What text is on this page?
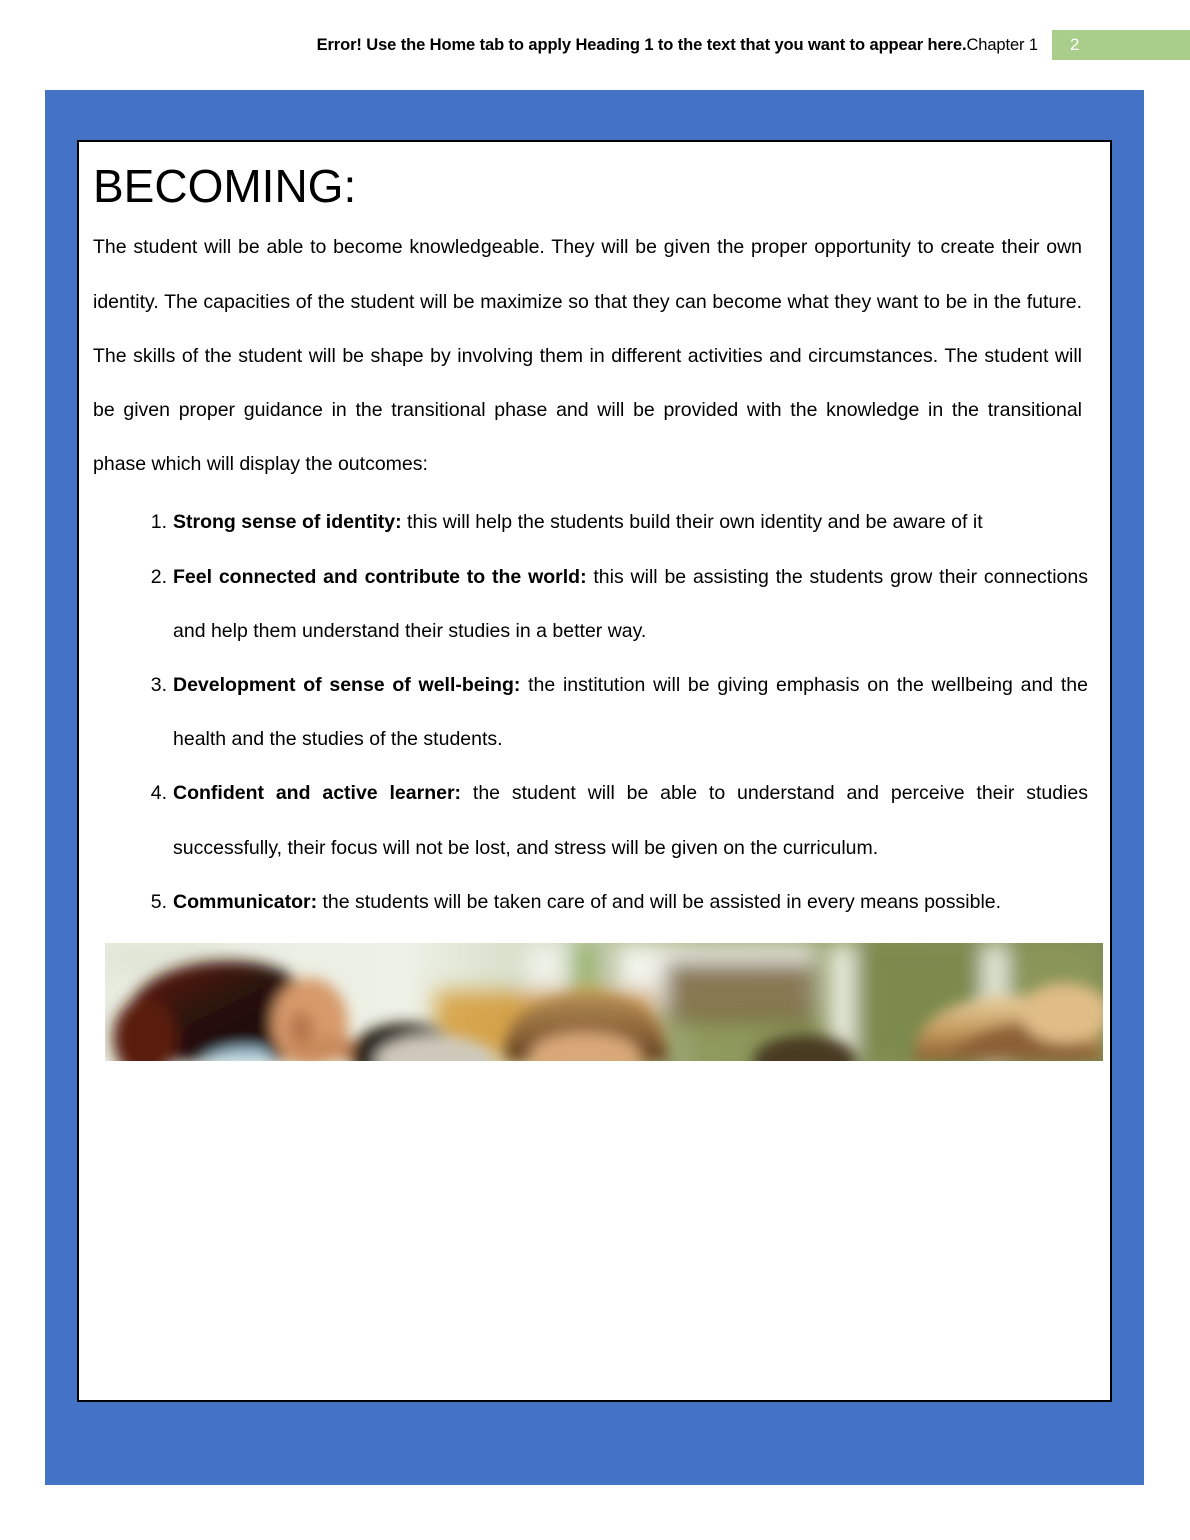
Error! Use the Home tab to apply Heading 1 to the text that you want to appear here.Chapter 1 2
BECOMING:

The student will be able to become knowledgeable. They will be given the proper opportunity to create their own identity. The capacities of the student will be maximize so that they can become what they want to be in the future. The skills of the student will be shape by involving them in different activities and circumstances. The student will be given proper guidance in the transitional phase and will be provided with the knowledge in the transitional phase which will display the outcomes:

1. Strong sense of identity: this will help the students build their own identity and be aware of it
2. Feel connected and contribute to the world: this will be assisting the students grow their connections and help them understand their studies in a better way.
3. Development of sense of well-being: the institution will be giving emphasis on the wellbeing and the health and the studies of the students.
4. Confident and active learner: the student will be able to understand and perceive their studies successfully, their focus will not be lost, and stress will be given on the curriculum.
5. Communicator: the students will be taken care of and will be assisted in every means possible.
